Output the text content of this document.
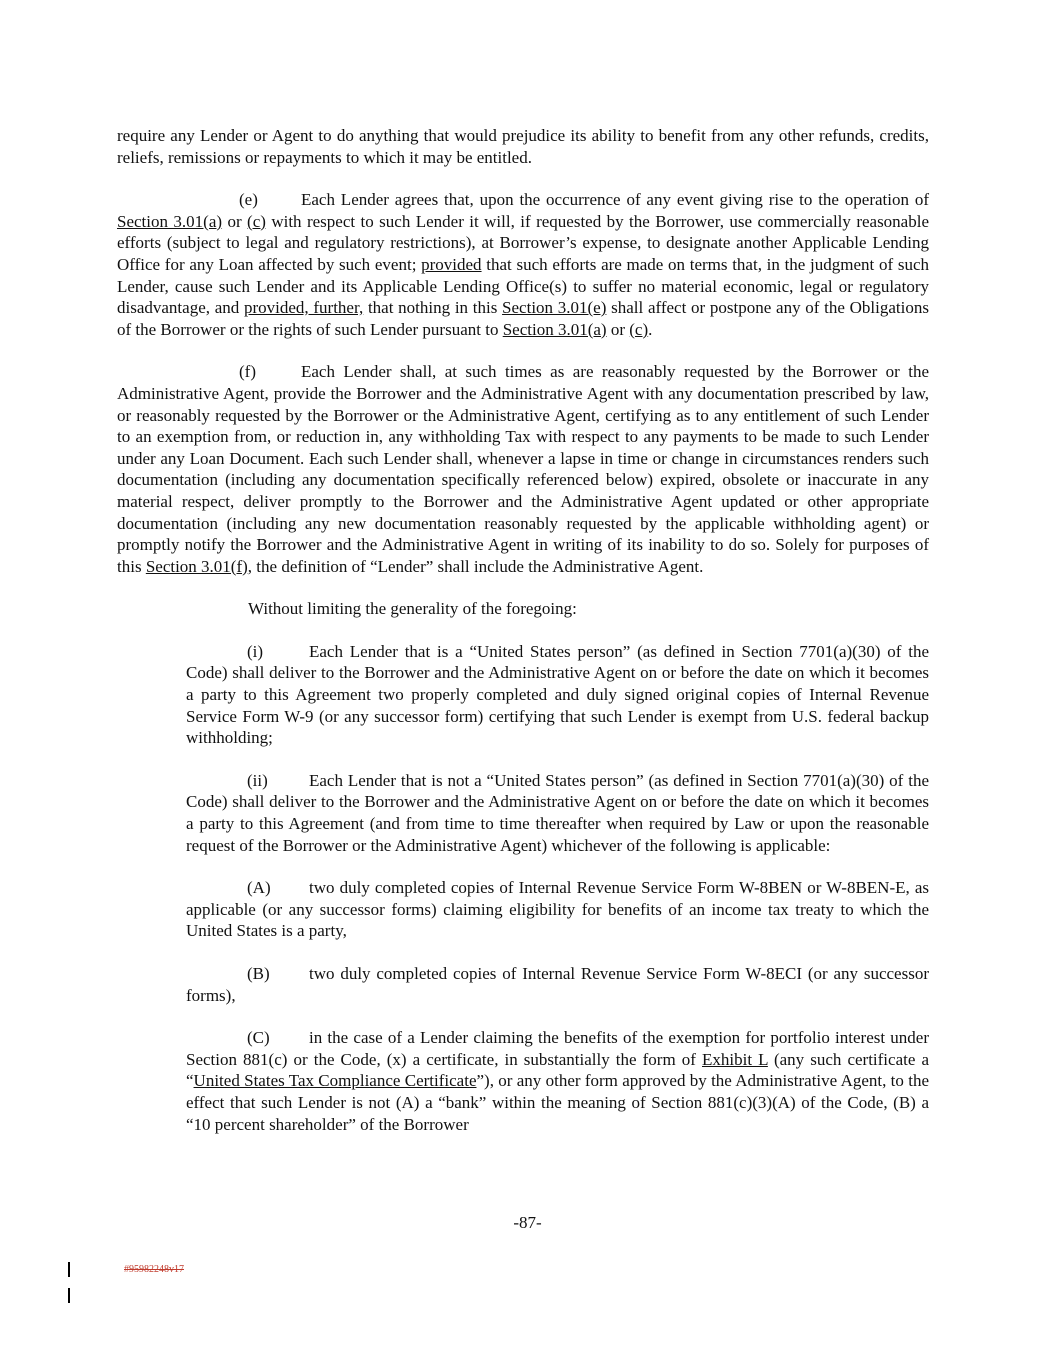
require any Lender or Agent to do anything that would prejudice its ability to benefit from any other refunds, credits, reliefs, remissions or repayments to which it may be entitled.

(e)	Each Lender agrees that, upon the occurrence of any event giving rise to the operation of Section 3.01(a) or (c) with respect to such Lender it will, if requested by the Borrower, use commercially reasonable efforts (subject to legal and regulatory restrictions), at Borrower’s expense, to designate another Applicable Lending Office for any Loan affected by such event; provided that such efforts are made on terms that, in the judgment of such Lender, cause such Lender and its Applicable Lending Office(s) to suffer no material economic, legal or regulatory disadvantage, and provided, further, that nothing in this Section 3.01(e) shall affect or postpone any of the Obligations of the Borrower or the rights of such Lender pursuant to Section 3.01(a) or (c).

(f)	Each Lender shall, at such times as are reasonably requested by the Borrower or the Administrative Agent, provide the Borrower and the Administrative Agent with any documentation prescribed by law, or reasonably requested by the Borrower or the Administrative Agent, certifying as to any entitlement of such Lender to an exemption from, or reduction in, any withholding Tax with respect to any payments to be made to such Lender under any Loan Document. Each such Lender shall, whenever a lapse in time or change in circumstances renders such documentation (including any documentation specifically referenced below) expired, obsolete or inaccurate in any material respect, deliver promptly to the Borrower and the Administrative Agent updated or other appropriate documentation (including any new documentation reasonably requested by the applicable withholding agent) or promptly notify the Borrower and the Administrative Agent in writing of its inability to do so. Solely for purposes of this Section 3.01(f), the definition of “Lender” shall include the Administrative Agent.

Without limiting the generality of the foregoing:

(i)	Each Lender that is a “United States person” (as defined in Section 7701(a)(30) of the Code) shall deliver to the Borrower and the Administrative Agent on or before the date on which it becomes a party to this Agreement two properly completed and duly signed original copies of Internal Revenue Service Form W-9 (or any successor form) certifying that such Lender is exempt from U.S. federal backup withholding;

(ii) Each Lender that is not a “United States person” (as defined in Section 7701(a)(30) of the Code) shall deliver to the Borrower and the Administrative Agent on or before the date on which it becomes a party to this Agreement (and from time to time thereafter when required by Law or upon the reasonable request of the Borrower or the Administrative Agent) whichever of the following is applicable:

(A) two duly completed copies of Internal Revenue Service Form W-8BEN or W-8BEN-E, as applicable (or any successor forms) claiming eligibility for benefits of an income tax treaty to which the United States is a party,

(B) two duly completed copies of Internal Revenue Service Form W-8ECI (or any successor forms),

(C) in the case of a Lender claiming the benefits of the exemption for portfolio interest under Section 881(c) or the Code, (x) a certificate, in substantially the form of Exhibit L (any such certificate a “United States Tax Compliance Certificate”), or any other form approved by the Administrative Agent, to the effect that such Lender is not (A) a “bank” within the meaning of Section 881(c)(3)(A) of the Code, (B) a “10 percent shareholder” of the Borrower

-87-
#95982248v17
